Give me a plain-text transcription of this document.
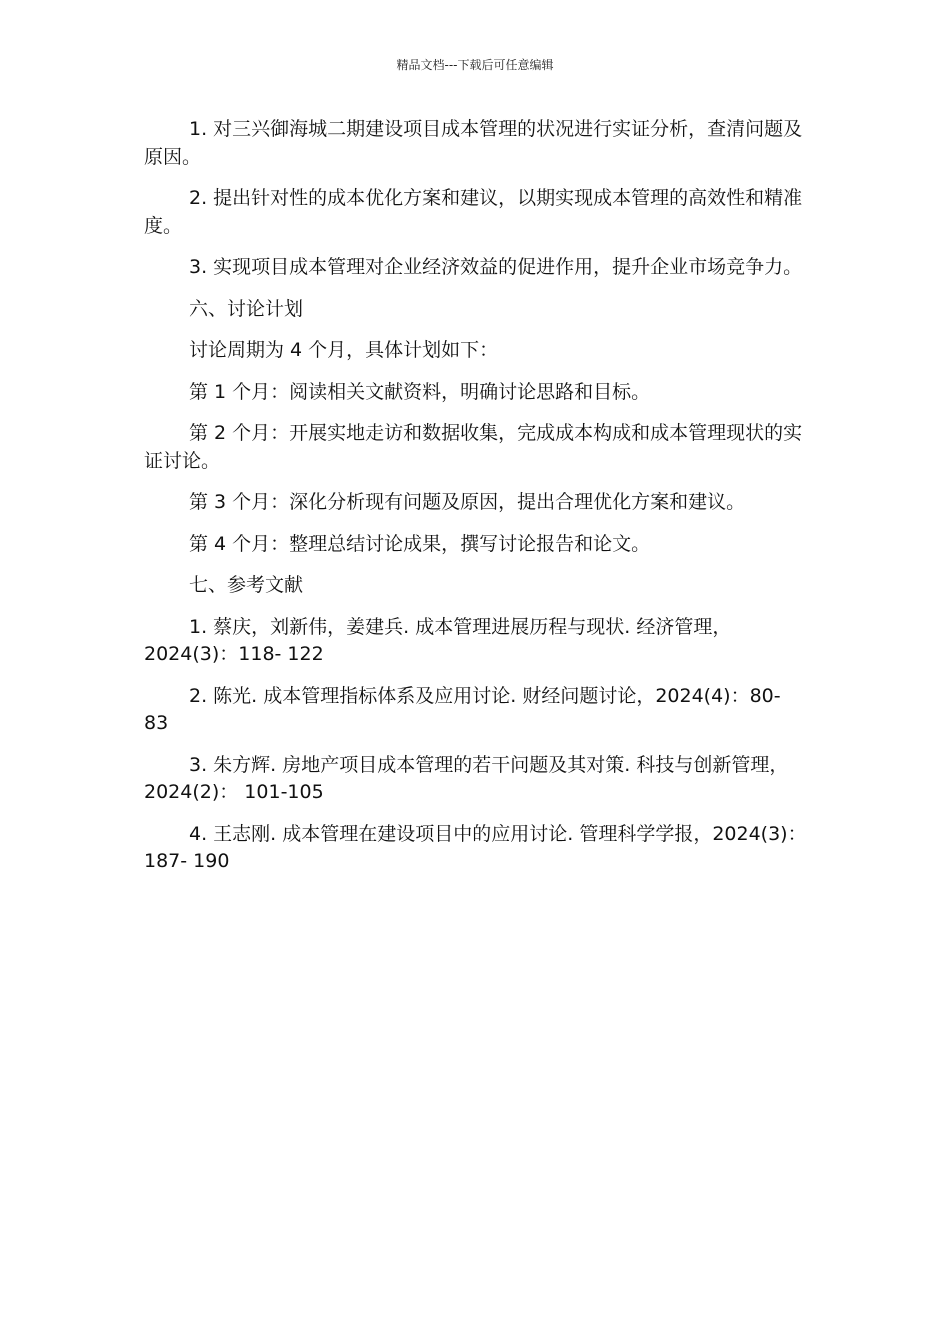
精品文档---下载后可任意编辑

1. 对三兴御海城二期建设项目成本管理的状况进行实证分析，查清问题及原因。

2. 提出针对性的成本优化方案和建议，以期实现成本管理的高效性和精准度。

3. 实现项目成本管理对企业经济效益的促进作用，提升企业市场竞争力。

六、讨论计划

讨论周期为 4 个月，具体计划如下：

第 1 个月：阅读相关文献资料，明确讨论思路和目标。

第 2 个月：开展实地走访和数据收集，完成成本构成和成本管理现状的实证讨论。

第 3 个月：深化分析现有问题及原因，提出合理优化方案和建议。

第 4 个月：整理总结讨论成果，撰写讨论报告和论文。

七、参考文献

1. 蔡庆，刘新伟，姜建兵. 成本管理进展历程与现状. 经济管理，2024(3)：118- 122

2. 陈光. 成本管理指标体系及应用讨论. 财经问题讨论，2024(4)：80- 83

3. 朱方辉. 房地产项目成本管理的若干问题及其对策. 科技与创新管理，2024(2)： 101-105

4. 王志刚. 成本管理在建设项目中的应用讨论. 管理科学学报，2024(3)：187- 190
